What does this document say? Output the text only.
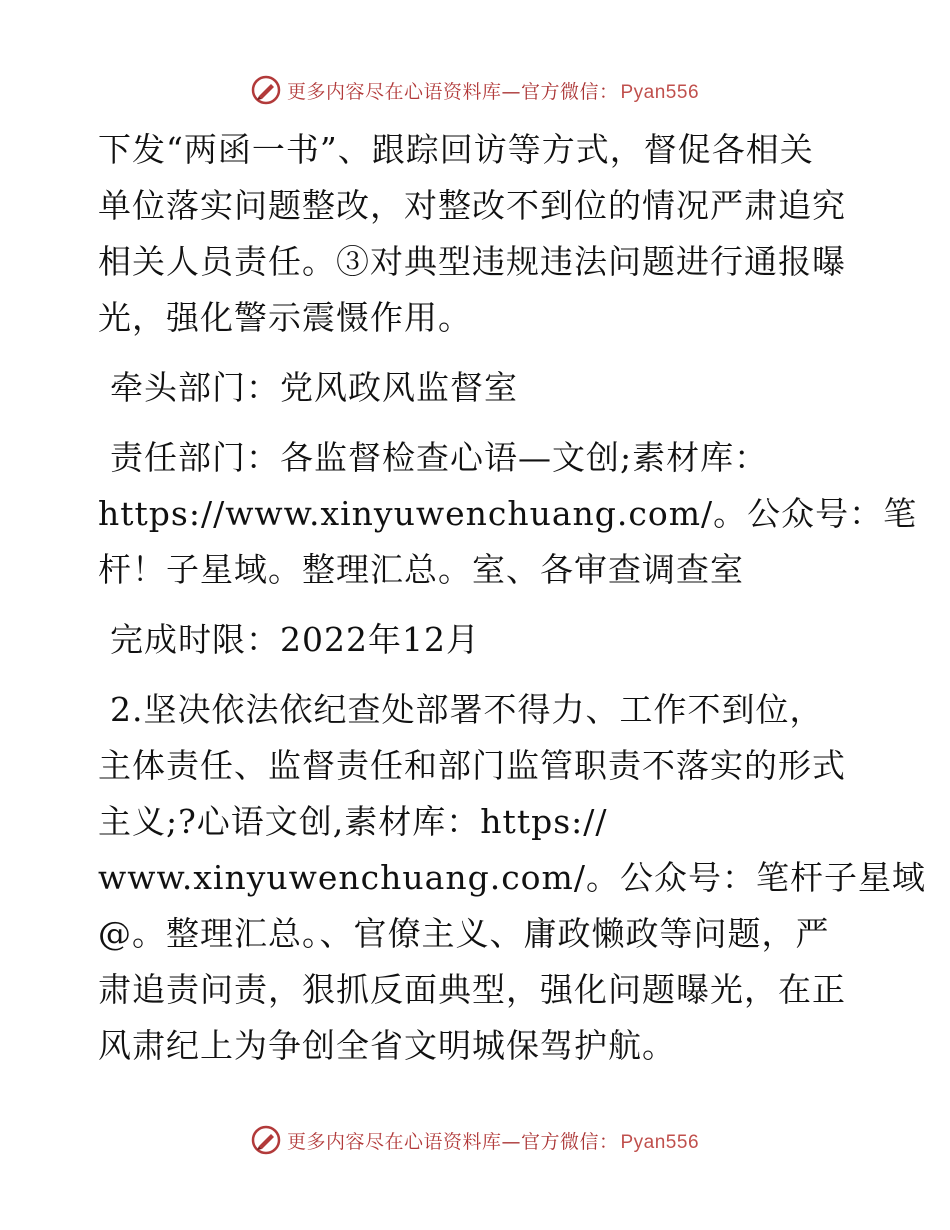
更多内容尽在心语资料库—官方微信： Pyan556
下发“两函一书”、跟踪回访等方式，督促各相关
单位落实问题整改，对整改不到位的情况严肃追究
相关人员责任。③对典型违规违法问题进行通报曝
光，强化警示震慑作用。
牵头部门：党风政风监督室
责任部门：各监督检查心语—文创;素材库：
https://www.xinyuwenchuang.com/。公众号：笔
杆！子星域。整理汇总。室、各审查调查室
完成时限：2022年12月
2.坚决依法依纪查处部署不得力、工作不到位，
主体责任、监督责任和部门监管职责不落实的形式
主义;?心语文创,素材库：https://
www.xinyuwenchuang.com/。公众号：笔杆子星域
@。整理汇总。、官僚主义、庸政懒政等问题，严
肃追责问责，狠抓反面典型，强化问题曝光，在正
风肃纪上为争创全省文明城保驾护航。
更多内容尽在心语资料库—官方微信： Pyan556
